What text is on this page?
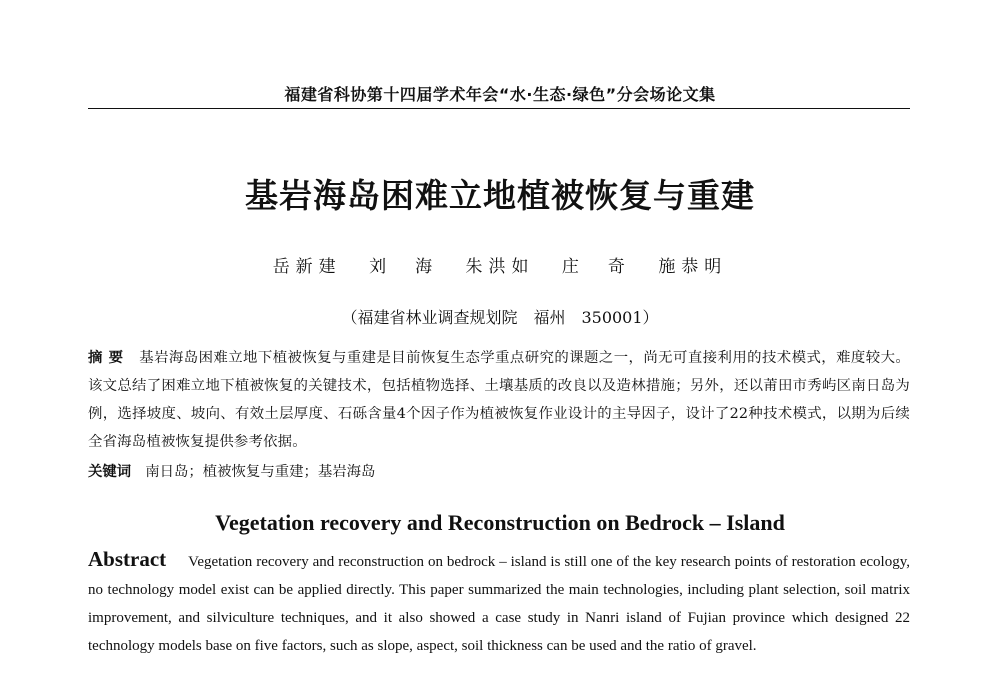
福建省科协第十四届学术年会“水·生态·绿色”分会场论文集
基岩海岛困难立地植被恢复与重建
岳新建 刘　海 朱洪如 庄　奇 施恭明
（福建省林业调查规划院　福州　350001）
摘要 基岩海岛困难立地下植被恢复与重建是目前恢复生态学重点研究的课题之一，尚无可直接利用的技术模式，难度较大。该文总结了困难立地下植被恢复的关键技术，包括植物选择、土壤基质的改良以及造林措施；另外，还以莆田市秀屿区南日岛为例，选择坡度、坡向、有效土层厚度、石砾含量4个因子作为植被恢复作业设计的主导因子，设计了22种技术模式，以期为后续全省海岛植被恢复提供参考依据。
关键词 南日岛；植被恢复与重建；基岩海岛
Vegetation recovery and Reconstruction on Bedrock – Island
Abstract Vegetation recovery and reconstruction on bedrock – island is still one of the key research points of restoration ecology, no technology model exist can be applied directly. This paper summarized the main technologies, including plant selection, soil matrix improvement, and silviculture techniques, and it also showed a case study in Nanri island of Fujian province which designed 22 technology models base on five factors, such as slope, aspect, soil thickness can be used and the ratio of gravel.
